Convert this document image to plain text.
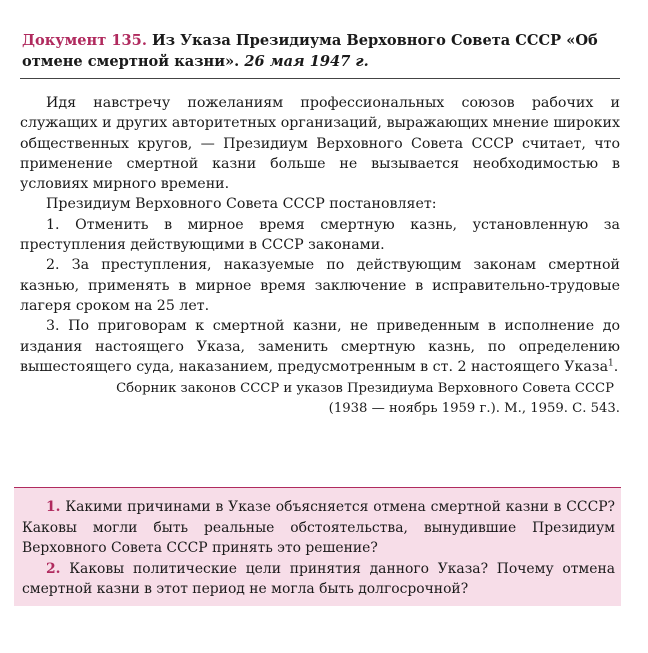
Документ 135. Из Указа Президиума Верховного Совета СССР «Об отмене смертной казни». 26 мая 1947 г.

Идя навстречу пожеланиям профессиональных союзов рабочих и служащих и других авторитетных организаций, выражающих мнение широких общественных кругов, — Президиум Верховного Совета СССР считает, что применение смертной казни больше не вызывается необходимостью в условиях мирного времени.

Президиум Верховного Совета СССР постановляет:

1. Отменить в мирное время смертную казнь, установленную за преступления действующими в СССР законами.

2. За преступления, наказуемые по действующим законам смертной казнью, применять в мирное время заключение в исправительно-трудовые лагеря сроком на 25 лет.

3. По приговорам к смертной казни, не приведенным в исполнение до издания настоящего Указа, заменить смертную казнь, по определению вышестоящего суда, наказанием, предусмотренным в ст. 2 настоящего Указа$^1$.

Сборник законов СССР и указов Президиума Верховного Совета СССР
(1938 — ноябрь 1959 г.). М., 1959. С. 543.

1. Какими причинами в Указе объясняется отмена смертной казни в СССР? Каковы могли быть реальные обстоятельства, вынудившие Президиум Верховного Совета СССР принять это решение?

2. Каковы политические цели принятия данного Указа? Почему отмена смертной казни в этот период не могла быть долгосрочной?
